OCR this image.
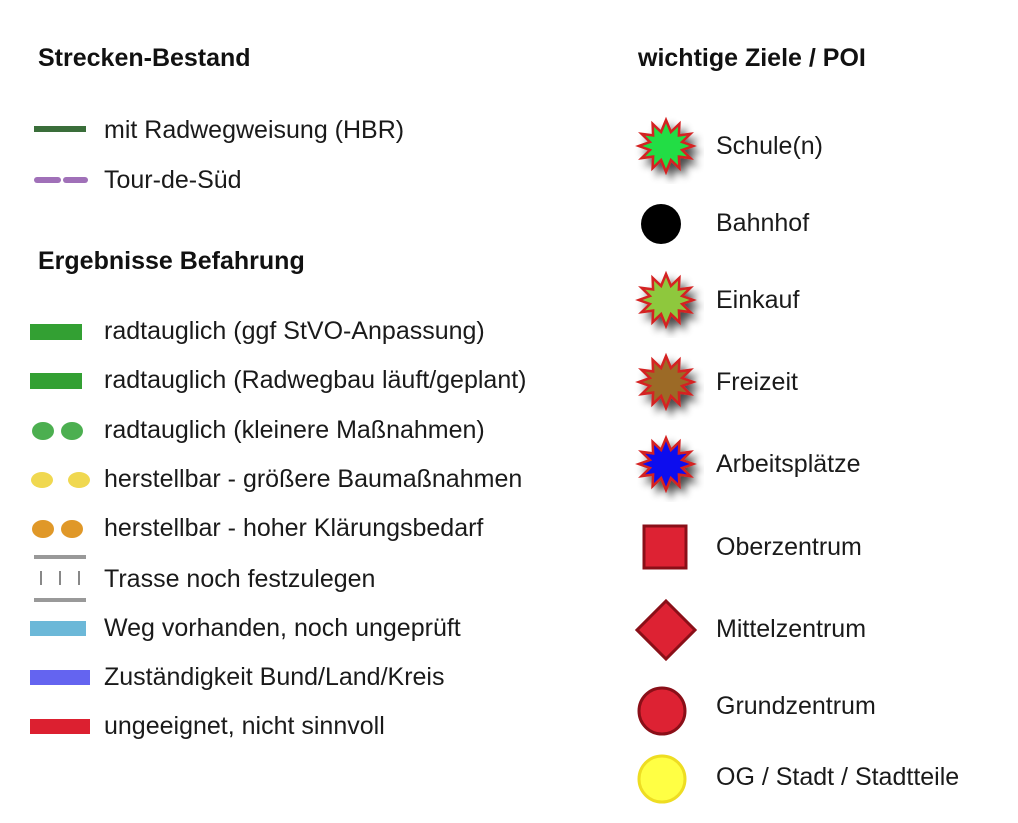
Strecken-Bestand
mit Radwegweisung (HBR)
Tour-de-Süd
Ergebnisse Befahrung
radtauglich (ggf StVO-Anpassung)
radtauglich (Radwegbau läuft/geplant)
radtauglich (kleinere Maßnahmen)
herstellbar - größere Baumaßnahmen
herstellbar - hoher Klärungsbedarf
Trasse noch festzulegen
Weg vorhanden, noch ungeprüft
Zuständigkeit Bund/Land/Kreis
ungeeignet, nicht sinnvoll
wichtige Ziele / POI
Schule(n)
Bahnhof
Einkauf
Freizeit
Arbeitsplätze
Oberzentrum
Mittelzentrum
Grundzentrum
OG / Stadt / Stadtteile
